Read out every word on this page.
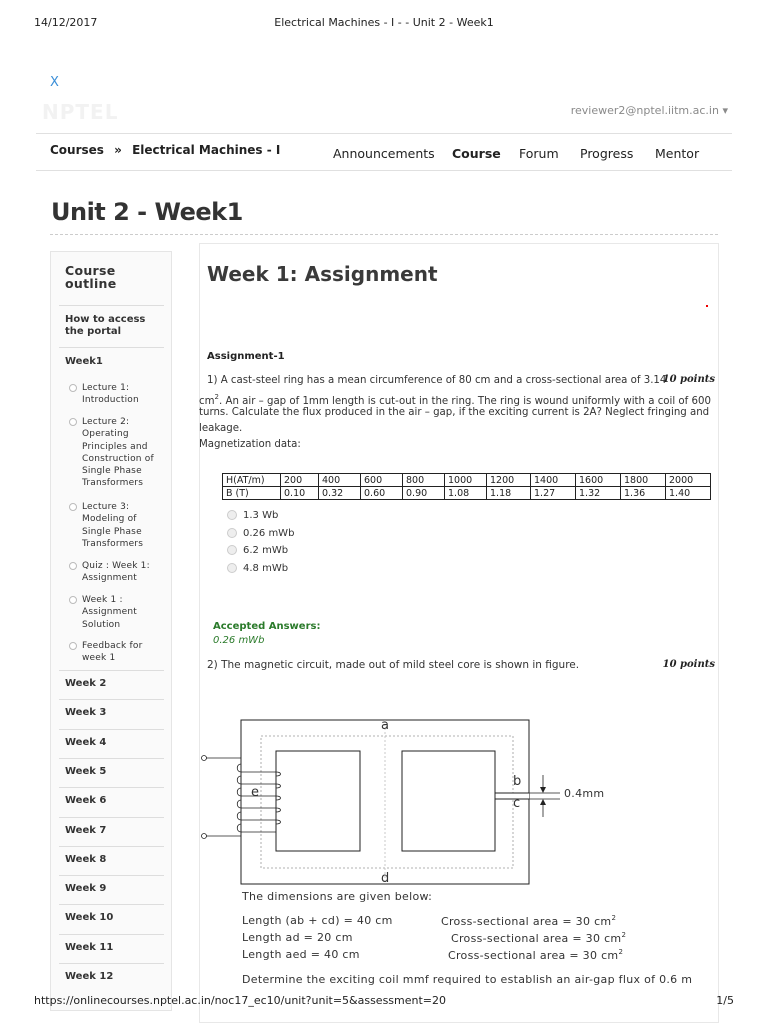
14/12/2017	Electrical Machines - I - - Unit 2 - Week1
X
NPTEL	reviewer2@nptel.iitm.ac.in ▾
Courses » Electrical Machines - I	Announcements Course Forum Progress Mentor
Unit 2 - Week1
Course
outline
How to access
the portal
Week1
Lecture 1:
Introduction
Lecture 2:
Operating
Principles and
Construction of
Single Phase
Transformers
Lecture 3:
Modeling of
Single Phase
Transformers
Quiz : Week 1:
Assignment
Week 1 :
Assignment
Solution
Feedback for
week 1
Week 2
Week 3
Week 4
Week 5
Week 6
Week 7
Week 8
Week 9
Week 10
Week 11
Week 12
Week 1: Assignment
Assignment-1
1) A cast-steel ring has a mean circumference of 80 cm and a cross-sectional area of 3.14
10 points
$cm^2$. An air – gap of 1mm length is cut-out in the ring. The ring is wound uniformly with a coil of 600
turns. Calculate the flux produced in the air – gap, if the exciting current is 2A? Neglect fringing and
leakage.
Magnetization data:
H(AT/m)	200	400	600	800	1000	1200	1400	1600	1800	2000
B (T)	0.10	0.32	0.60	0.90	1.08	1.18	1.27	1.32	1.36	1.40
1.3 Wb
0.26 mWb
6.2 mWb
4.8 mWb
Accepted Answers:
0.26 mWb
2) The magnetic circuit, made out of mild steel core is shown in figure.	10 points
a
b
c
d
e	0.4mm
The dimensions are given below:
Length (ab + cd) = 40 cm	Cross-sectional area = 30 $cm^2$
Length ad = 20 cm	Cross-sectional area = 30 $cm^2$
Length aed = 40 cm	Cross-sectional area = 30 $cm^2$
Determine the exciting coil mmf required to establish an air-gap flux of 0.6 m
https://onlinecourses.nptel.ac.in/noc17_ec10/unit?unit=5&assessment=20	1/5
